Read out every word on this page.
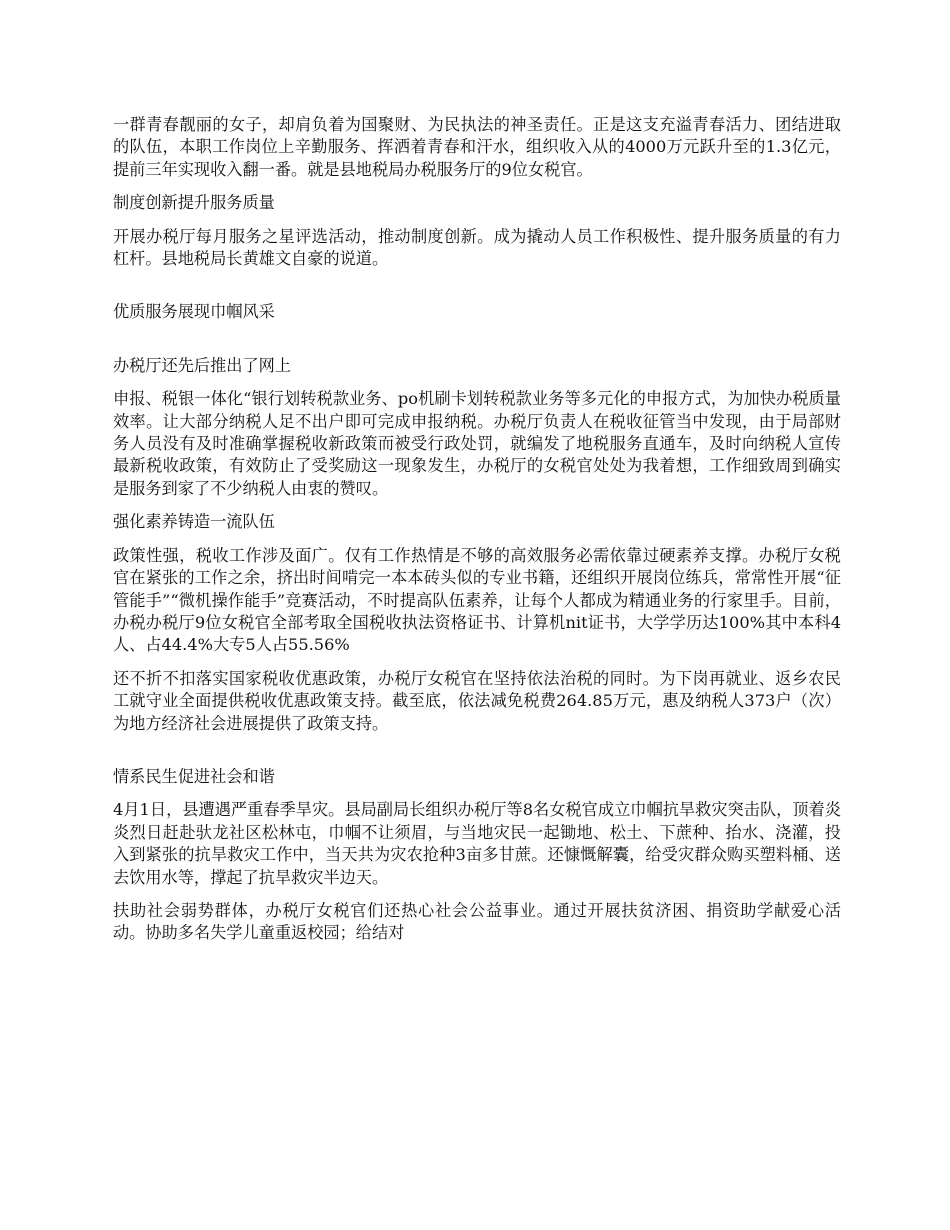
一群青春靓丽的女子，却肩负着为国聚财、为民执法的神圣责任。正是这支充溢青春活力、团结进取的队伍，本职工作岗位上辛勤服务、挥洒着青春和汗水，组织收入从的4000万元跃升至的1.3亿元，提前三年实现收入翻一番。就是县地税局办税服务厅的9位女税官。

制度创新提升服务质量

开展办税厅每月服务之星评选活动，推动制度创新。成为撬动人员工作积极性、提升服务质量的有力杠杆。县地税局长黄雄文自豪的说道。

优质服务展现巾帼风采

办税厅还先后推出了网上

申报、税银一体化“银行划转税款业务、po机刷卡划转税款业务等多元化的申报方式，为加快办税质量效率。让大部分纳税人足不出户即可完成申报纳税。办税厅负责人在税收征管当中发现，由于局部财务人员没有及时准确掌握税收新政策而被受行政处罚，就编发了地税服务直通车，及时向纳税人宣传最新税收政策，有效防止了受奖励这一现象发生，办税厅的女税官处处为我着想，工作细致周到确实是服务到家了不少纳税人由衷的赞叹。

强化素养铸造一流队伍

政策性强，税收工作涉及面广。仅有工作热情是不够的高效服务必需依靠过硬素养支撑。办税厅女税官在紧张的工作之余，挤出时间啃完一本本砖头似的专业书籍，还组织开展岗位练兵，常常性开展“征管能手”“微机操作能手”竞赛活动，不时提高队伍素养，让每个人都成为精通业务的行家里手。目前，办税办税厅9位女税官全部考取全国税收执法资格证书、计算机nit证书，大学学历达100%其中本科4人、占44.4%大专5人占55.56%

还不折不扣落实国家税收优惠政策，办税厅女税官在坚持依法治税的同时。为下岗再就业、返乡农民工就守业全面提供税收优惠政策支持。截至底，依法减免税费264.85万元，惠及纳税人373户（次）为地方经济社会进展提供了政策支持。

情系民生促进社会和谐

4月1日，县遭遇严重春季旱灾。县局副局长组织办税厅等8名女税官成立巾帼抗旱救灾突击队，顶着炎炎烈日赶赴驮龙社区松林屯，巾帼不让须眉，与当地灾民一起锄地、松土、下蔗种、抬水、浇灌，投入到紧张的抗旱救灾工作中，当天共为灾农抢种3亩多甘蔗。还慷慨解囊，给受灾群众购买塑料桶、送去饮用水等，撑起了抗旱救灾半边天。

扶助社会弱势群体，办税厅女税官们还热心社会公益事业。通过开展扶贫济困、捐资助学献爱心活动。协助多名失学儿童重返校园；给结对
